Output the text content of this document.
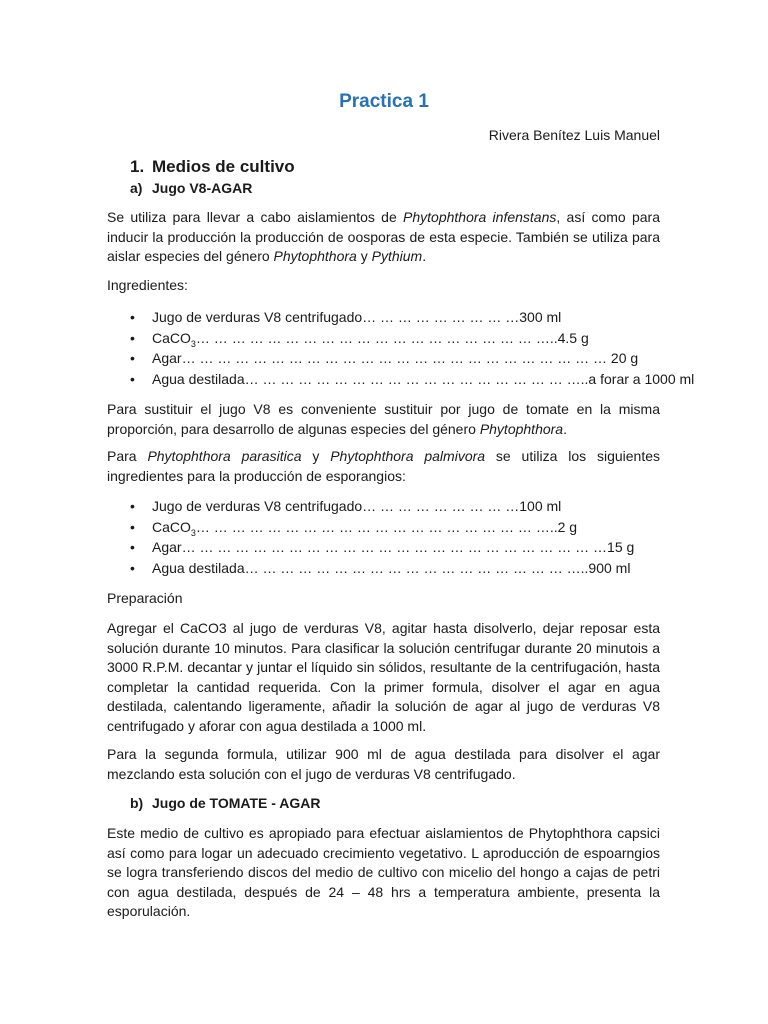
Practica 1
Rivera Benítez Luis Manuel
1. Medios de cultivo
a) Jugo V8-AGAR

Se utiliza para llevar a cabo aislamientos de Phytophthora infenstans, así como para inducir la producción la producción de oosporas de esta especie. También se utiliza para aislar especies del género Phytophthora y Pythium.

Ingredientes:
• Jugo de verduras V8 centrifugado… … … … … … … … …300 ml
• CaCO$_3$… … … … … … … … … … … … … … … … … … … …..4.5 g
• Agar… … … … … … … … … … … … … … … … … … … … … … … … 20 g
• Agua destilada… … … … … … … … … … … … … … … … … … …..a forar a 1000 ml

Para sustituir el jugo V8 es conveniente sustituir por jugo de tomate en la misma proporción, para desarrollo de algunas especies del género Phytophthora.

Para Phytophthora parasitica y Phytophthora palmivora se utiliza los siguientes ingredientes para la producción de esporangios:

• Jugo de verduras V8 centrifugado… … … … … … … … …100 ml
• CaCO$_3$… … … … … … … … … … … … … … … … … … … …..2 g
• Agar… … … … … … … … … … … … … … … … … … … … … … … …15 g
• Agua destilada… … … … … … … … … … … … … … … … … … …..900 ml
Preparación

Agregar el CaCO3 al jugo de verduras V8, agitar hasta disolverlo, dejar reposar esta solución durante 10 minutos. Para clasificar la solución centrifugar durante 20 minutois a 3000 R.P.M. decantar y juntar el líquido sin sólidos, resultante de la centrifugación, hasta completar la cantidad requerida. Con la primer formula, disolver el agar en agua destilada, calentando ligeramente, añadir la solución de agar al jugo de verduras V8 centrifugado y aforar con agua destilada a 1000 ml.

Para la segunda formula, utilizar 900 ml de agua destilada para disolver el agar mezclando esta solución con el jugo de verduras V8 centrifugado.

b) Jugo de TOMATE - AGAR

Este medio de cultivo es apropiado para efectuar aislamientos de Phytophthora capsici así como para logar un adecuado crecimiento vegetativo. L aproducción de espoarngios se logra transferiendo discos del medio de cultivo con micelio del hongo a cajas de petri con agua destilada, después de 24 – 48 hrs a temperatura ambiente, presenta la esporulación.
